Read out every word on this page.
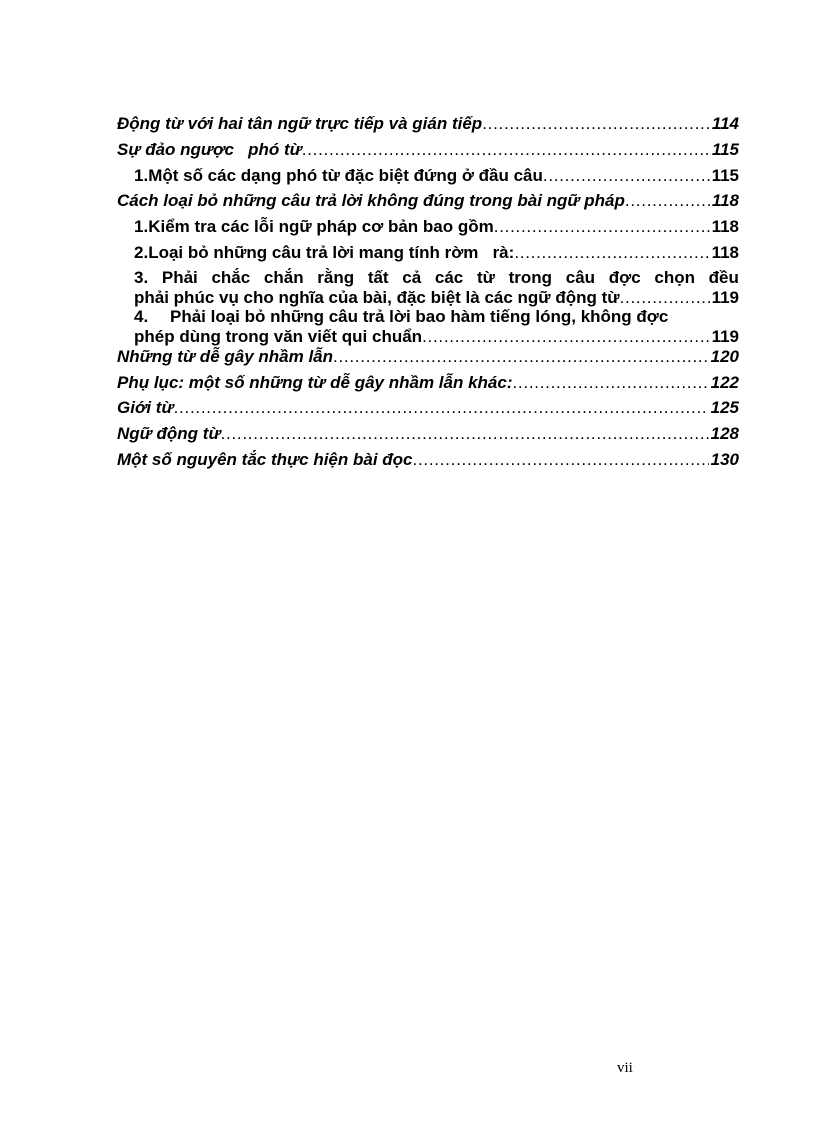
Động từ với hai tân ngữ trực tiếp và gián tiếp . . .	114
Sự đảo ngược   phó từ . . .	115
1. Một số các dạng phó từ đặc biệt đứng ở đầu câu . . .	115
Cách loại bỏ những câu trả lời không đúng trong bài ngữ pháp . . .	118
1. Kiểm tra các lỗi ngữ pháp cơ bản bao gồm . . .	118
2. Loại bỏ những câu trả lời mang tính rờm   rà: . . .	118
3. Phải chắc chắn rằng tất cả các từ trong câu đợc chọn đều
phải phúc vụ cho nghĩa của bài, đặc biệt là các ngữ động từ . . .	119
4.	Phải loại bỏ những câu trả lời bao hàm tiếng lóng, không đợc
phép dùng trong văn viết qui chuẩn . . .	119
Những từ dễ gây nhầm lẫn . . .	120
Phụ lục: một số những từ dễ gây nhầm lẫn khác: . . .	122
Giới từ . . .	125
Ngữ động từ . . .	128
Một số nguyên tắc thực hiện bài đọc . . .	130
vii
